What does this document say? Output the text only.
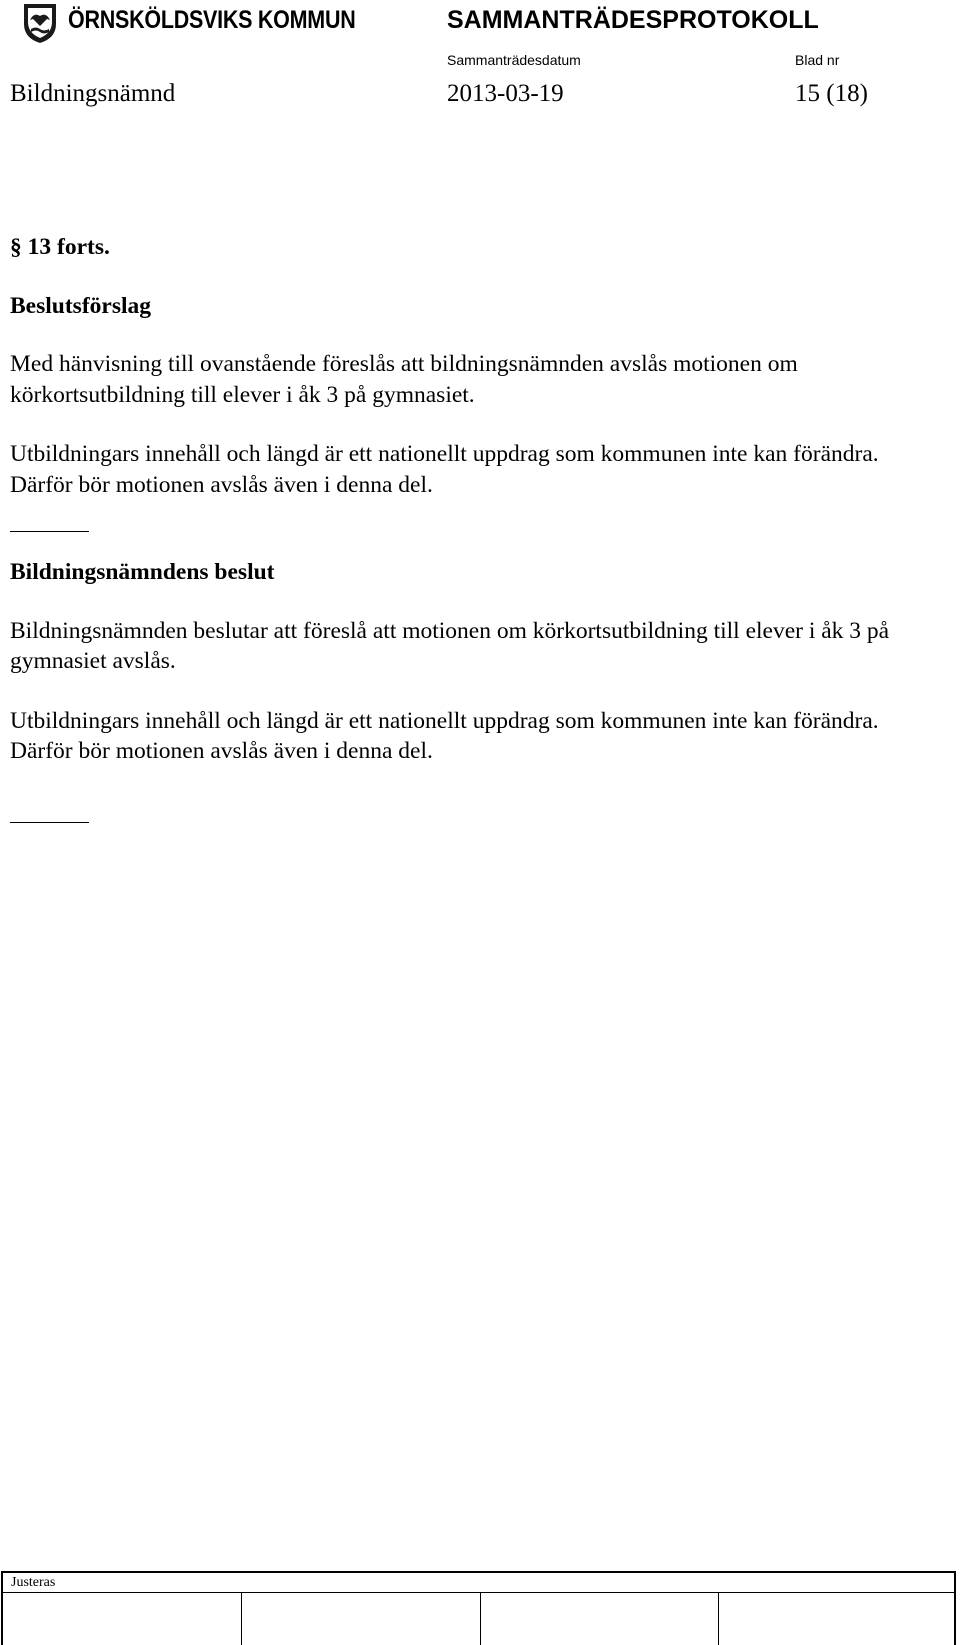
ÖRNSKÖLDSVIKS KOMMUN	SAMMANTRÄDESPROTOKOLL
Sammanträdesdatum	Blad nr
Bildningsnämnd	2013-03-19	15 (18)

§ 13 forts.

Beslutsförslag

Med hänvisning till ovanstående föreslås att bildningsnämnden avslås motionen om körkortsutbildning till elever i åk 3 på gymnasiet.

Utbildningars innehåll och längd är ett nationellt uppdrag som kommunen inte kan förändra. Därför bör motionen avslås även i denna del.

Bildningsnämndens beslut

Bildningsnämnden beslutar att föreslå att motionen om körkortsutbildning till elever i åk 3 på gymnasiet avslås.

Utbildningars innehåll och längd är ett nationellt uppdrag som kommunen inte kan förändra. Därför bör motionen avslås även i denna del.

Justeras
